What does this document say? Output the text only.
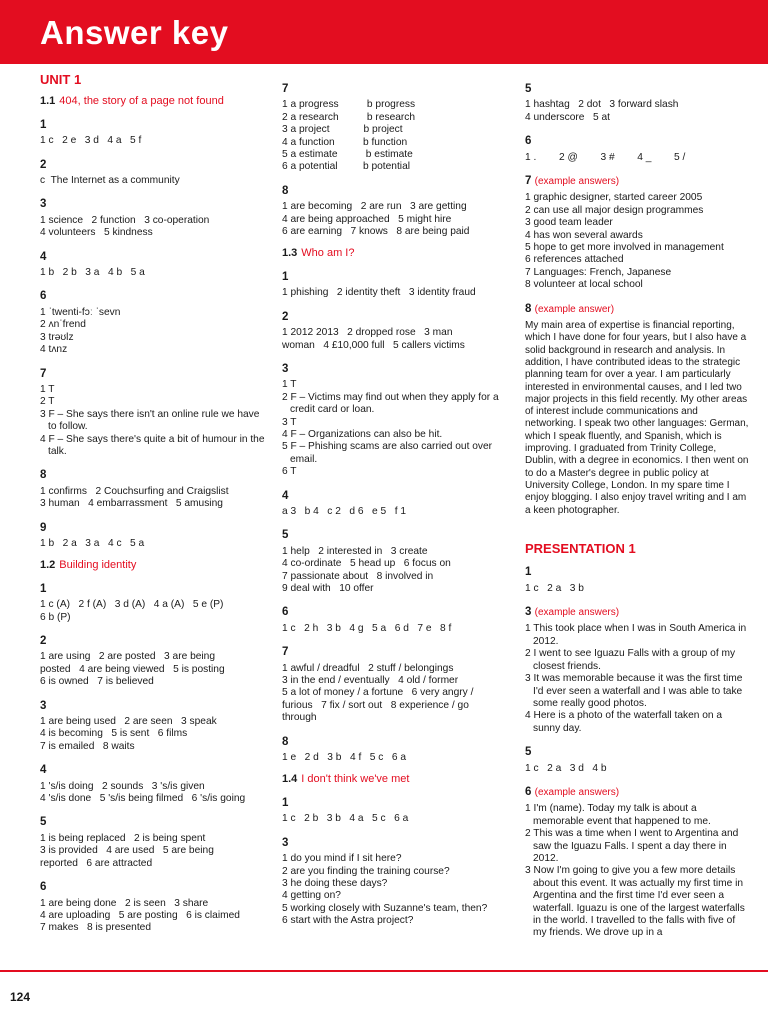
Answer key
UNIT 1
1.1 404, the story of a page not found
1
1 c   2 e   3 d   4 a   5 f
2
c  The Internet as a community
3
1 science   2 function   3 co-operation
4 volunteers   5 kindness
4
1 b   2 b   3 a   4 b   5 a
6
1 ˈtwenti-fɔː ˈsevn
2 ʌnˈfrend
3 trəʊlz
4 tʌnz
7
1 T
2 T
3 F – She says there isn't an online rule we have to follow.
4 F – She says there's quite a bit of humour in the talk.
8
1 confirms   2 Couchsurfing and Craigslist
3 human   4 embarrassment   5 amusing
9
1 b   2 a   3 a   4 c   5 a
1.2 Building identity
1
1 c (A)   2 f (A)   3 d (A)   4 a (A)   5 e (P)
6 b (P)
2
1 are using   2 are posted   3 are being
posted   4 are being viewed   5 is posting
6 is owned   7 is believed
3
1 are being used   2 are seen   3 speak
4 is becoming   5 is sent   6 films
7 is emailed   8 waits
4
1 's/is doing   2 sounds   3 's/is given
4 's/is done   5 's/is being filmed   6 's/is going
5
1 is being replaced   2 is being spent
3 is provided   4 are used   5 are being
reported   6 are attracted
6
1 are being done   2 is seen   3 share
4 are uploading   5 are posting   6 is claimed
7 makes   8 is presented
7
1 a progress          b progress
2 a research          b research
3 a project            b project
4 a function          b function
5 a estimate          b estimate
6 a potential         b potential
8
1 are becoming   2 are run   3 are getting
4 are being approached   5 might hire
6 are earning   7 knows   8 are being paid
1.3 Who am I?
1
1 phishing   2 identity theft   3 identity fraud
2
1 2012 2013   2 dropped rose   3 man
woman   4 £10,000 full   5 callers victims
3
1 T
2 F – Victims may find out when they apply for a credit card or loan.
3 T
4 F – Organizations can also be hit.
5 F – Phishing scams are also carried out over email.
6 T
4
a 3   b 4   c 2   d 6   e 5   f 1
5
1 help   2 interested in   3 create
4 co-ordinate   5 head up   6 focus on
7 passionate about   8 involved in
9 deal with   10 offer
6
1 c   2 h   3 b   4 g   5 a   6 d   7 e   8 f
7
1 awful / dreadful   2 stuff / belongings
3 in the end / eventually   4 old / former
5 a lot of money / a fortune   6 very angry /
furious   7 fix / sort out   8 experience / go
through
8
1 e   2 d   3 b   4 f   5 c   6 a
1.4 I don't think we've met
1
1 c   2 b   3 b   4 a   5 c   6 a
3
1 do you mind if I sit here?
2 are you finding the training course?
3 he doing these days?
4 getting on?
5 working closely with Suzanne's team, then?
6 start with the Astra project?
5
1 hashtag   2 dot   3 forward slash
4 underscore   5 at
6
1 .        2 @        3 #        4 _        5 /
7 (example answers)
1 graphic designer, started career 2005
2 can use all major design programmes
3 good team leader
4 has won several awards
5 hope to get more involved in management
6 references attached
7 Languages: French, Japanese
8 volunteer at local school
8 (example answer)
My main area of expertise is financial reporting, which I have done for four years, but I also have a solid background in research and analysis. In addition, I have contributed ideas to the strategic planning team for over a year. I am particularly interested in environmental causes, and I led two major projects in this field recently. My other areas of interest include communications and networking. I speak two other languages: German, which I speak fluently, and Spanish, which is improving. I graduated from Trinity College, Dublin, with a degree in economics. I then went on to do a Master's degree in public policy at University College, London. In my spare time I enjoy blogging. I also enjoy travel writing and I am a keen photographer.
PRESENTATION 1
1
1 c   2 a   3 b
3 (example answers)
1 This took place when I was in South America in 2012.
2 I went to see Iguazu Falls with a group of my closest friends.
3 It was memorable because it was the first time I'd ever seen a waterfall and I was able to take some really good photos.
4 Here is a photo of the waterfall taken on a sunny day.
5
1 c   2 a   3 d   4 b
6 (example answers)
1 I'm (name). Today my talk is about a memorable event that happened to me.
2 This was a time when I went to Argentina and saw the Iguazu Falls. I spent a day there in 2012.
3 Now I'm going to give you a few more details about this event. It was actually my first time in Argentina and the first time I'd ever seen a waterfall. Iguazu is one of the largest waterfalls in the world. I travelled to the falls with five of my friends. We drove up in a
124
